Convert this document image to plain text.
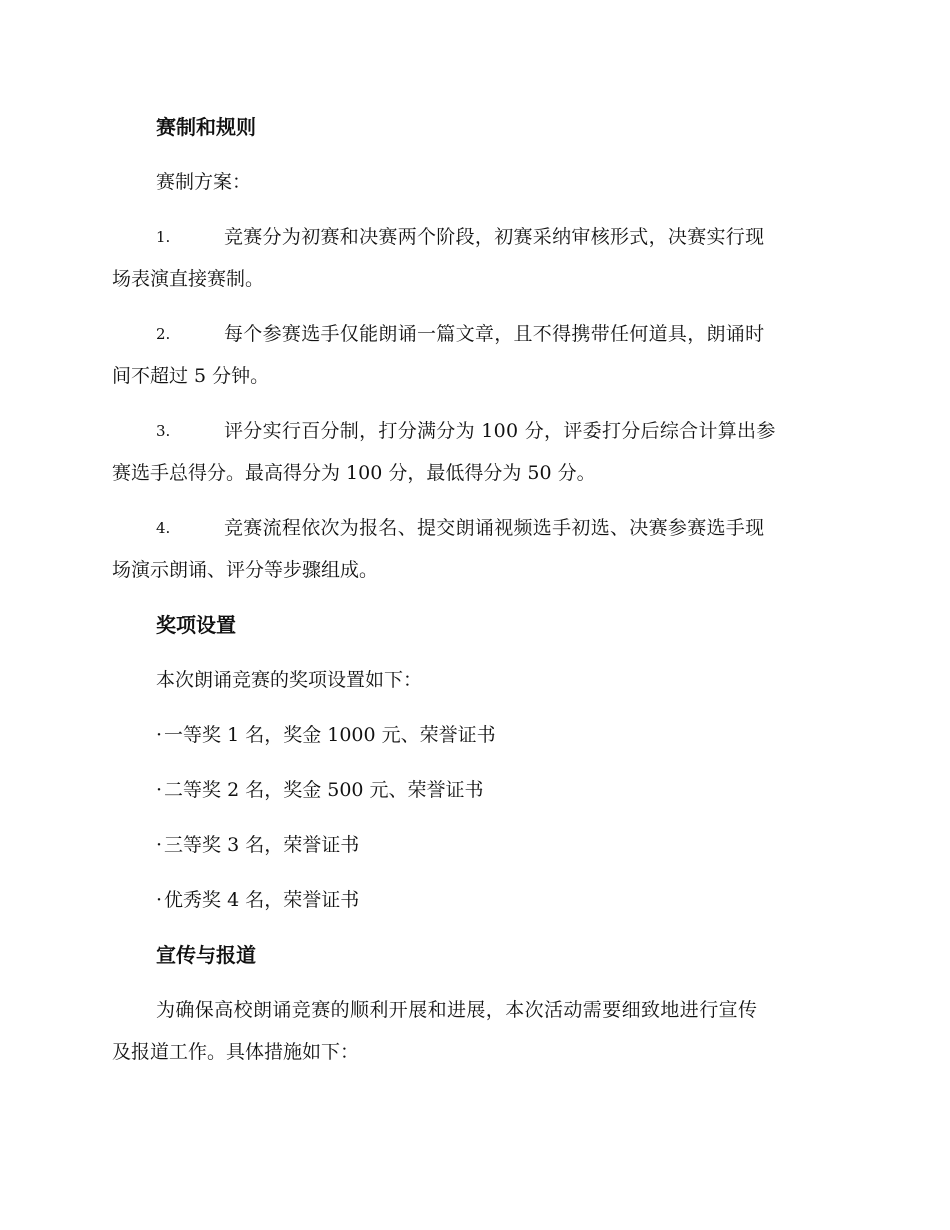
赛制和规则
赛制方案：
1.	竞赛分为初赛和决赛两个阶段，初赛采纳审核形式，决赛实行现
场表演直接赛制。
2.	每个参赛选手仅能朗诵一篇文章，且不得携带任何道具，朗诵时
间不超过 5 分钟。
3.	评分实行百分制，打分满分为 100 分，评委打分后综合计算出参
赛选手总得分。最高得分为 100 分，最低得分为 50 分。
4.	竞赛流程依次为报名、提交朗诵视频选手初选、决赛参赛选手现
场演示朗诵、评分等步骤组成。
奖项设置
本次朗诵竞赛的奖项设置如下：
· 一等奖 1 名，奖金 1000 元、荣誉证书
· 二等奖 2 名，奖金 500 元、荣誉证书
· 三等奖 3 名，荣誉证书
· 优秀奖 4 名，荣誉证书
宣传与报道
为确保高校朗诵竞赛的顺利开展和进展，本次活动需要细致地进行宣传
及报道工作。具体措施如下：
